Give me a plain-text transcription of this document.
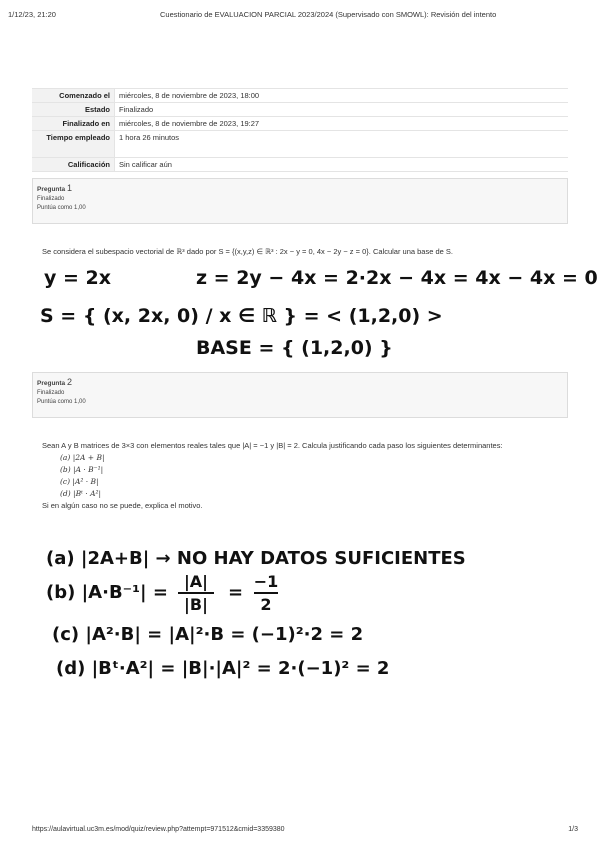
1/12/23, 21:20	Cuestionario de EVALUACION PARCIAL 2023/2024 (Supervisado con SMOWL): Revisión del intento
Comenzado el	miércoles, 8 de noviembre de 2023, 18:00
Estado	Finalizado
Finalizado en	miércoles, 8 de noviembre de 2023, 19:27
Tiempo empleado	1 hora 26 minutos
Calificación	Sin calificar aún
Pregunta 1
Finalizado
Puntúa como 1,00
Se considera el subespacio vectorial de ℝ³ dado por S = {(x,y,z) ∈ ℝ³ : 2x − y = 0, 4x − 2y − z = 0}. Calcular una base de S.
y = 2x	z = 2y − 4x = 2·2x − 4x = 4x − 4x = 0
S = { (x, 2x, 0) / x ∈ ℝ } = < (1,2,0) >
BASE = { (1,2,0) }
Pregunta 2
Finalizado
Puntúa como 1,00
Sean A y B matrices de 3×3 con elementos reales tales que |A| = −1 y |B| = 2. Calcula justificando cada paso los siguientes determinantes:
(a) |2A + B|
(b) |A · B⁻¹|
(c) |A² · B|
(d) |Bᵗ · A²|
Si en algún caso no se puede, explica el motivo.
(a) |2A+B| → NO HAY DATOS SUFICIENTES
(b) |A·B⁻¹| =
|A|
|B|
=
−1
2
(c) |A²·B| = |A|²·B = (−1)²·2 = 2
(d) |Bᵗ·A²| = |B|·|A|² = 2·(−1)² = 2
https://aulavirtual.uc3m.es/mod/quiz/review.php?attempt=971512&cmid=3359380	1/3
